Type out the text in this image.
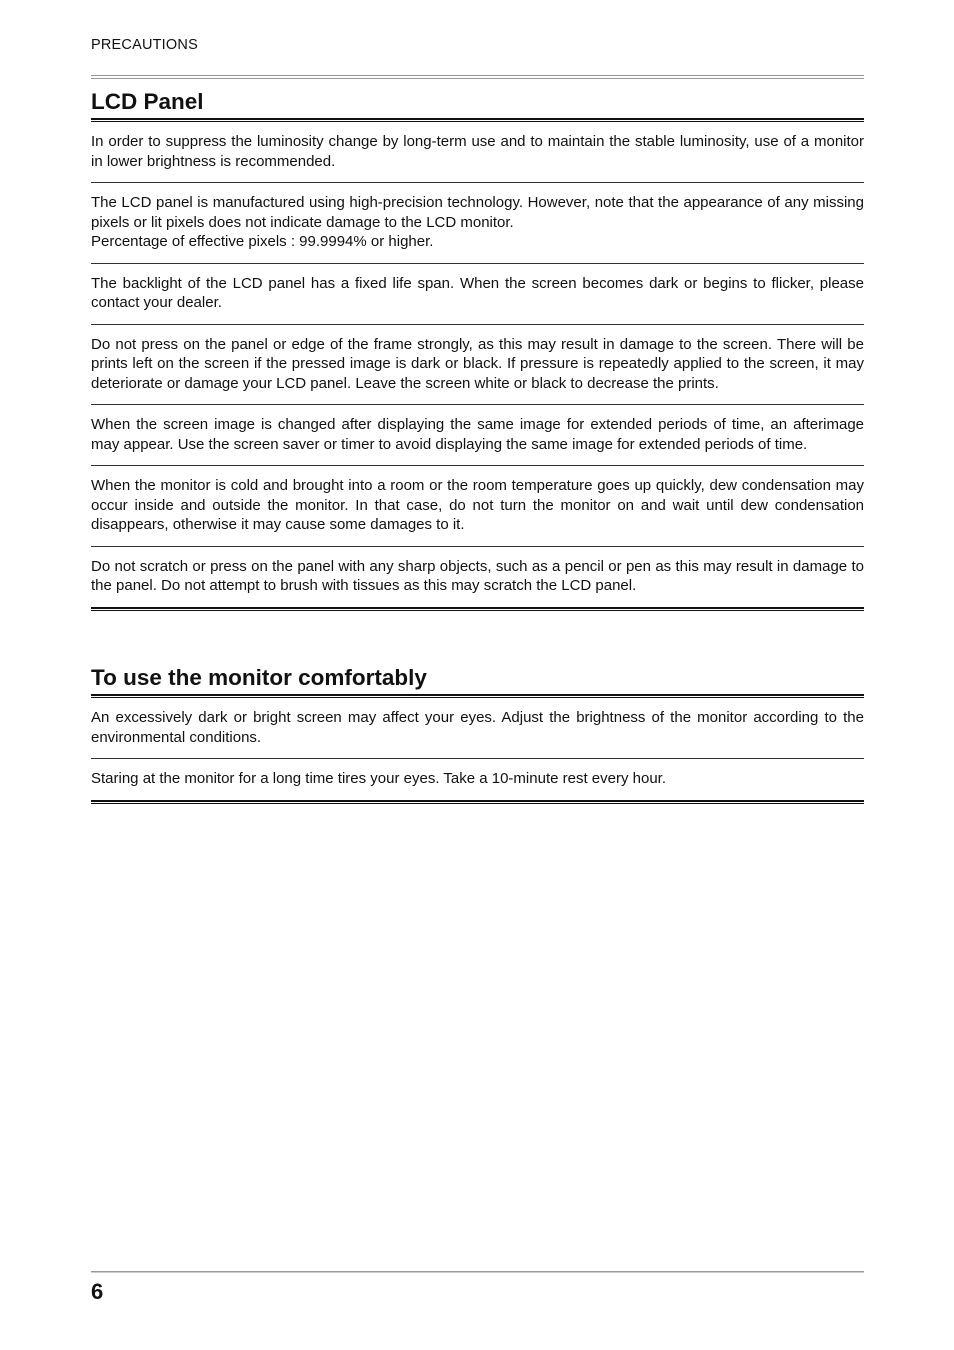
PRECAUTIONS
LCD Panel
In order to suppress the luminosity change by long-term use and to maintain the stable luminosity, use of a monitor in lower brightness is recommended.
The LCD panel is manufactured using high-precision technology. However, note that the appearance of any missing pixels or lit pixels does not indicate damage to the LCD monitor.
Percentage of effective pixels : 99.9994% or higher.
The backlight of the LCD panel has a fixed life span. When the screen becomes dark or begins to flicker, please contact your dealer.
Do not press on the panel or edge of the frame strongly, as this may result in damage to the screen. There will be prints left on the screen if the pressed image is dark or black. If pressure is repeatedly applied to the screen, it may deteriorate or damage your LCD panel. Leave the screen white or black to decrease the prints.
When the screen image is changed after displaying the same image for extended periods of time, an afterimage may appear. Use the screen saver or timer to avoid displaying the same image for extended periods of time.
When the monitor is cold and brought into a room or the room temperature goes up quickly, dew condensation may occur inside and outside the monitor. In that case, do not turn the monitor on and wait until dew condensation disappears, otherwise it may cause some damages to it.
Do not scratch or press on the panel with any sharp objects, such as a pencil or pen as this may result in damage to the panel. Do not attempt to brush with tissues as this may scratch the LCD panel.
To use the monitor comfortably
An excessively dark or bright screen may affect your eyes. Adjust the brightness of the monitor according to the environmental conditions.
Staring at the monitor for a long time tires your eyes. Take a 10-minute rest every hour.
6
